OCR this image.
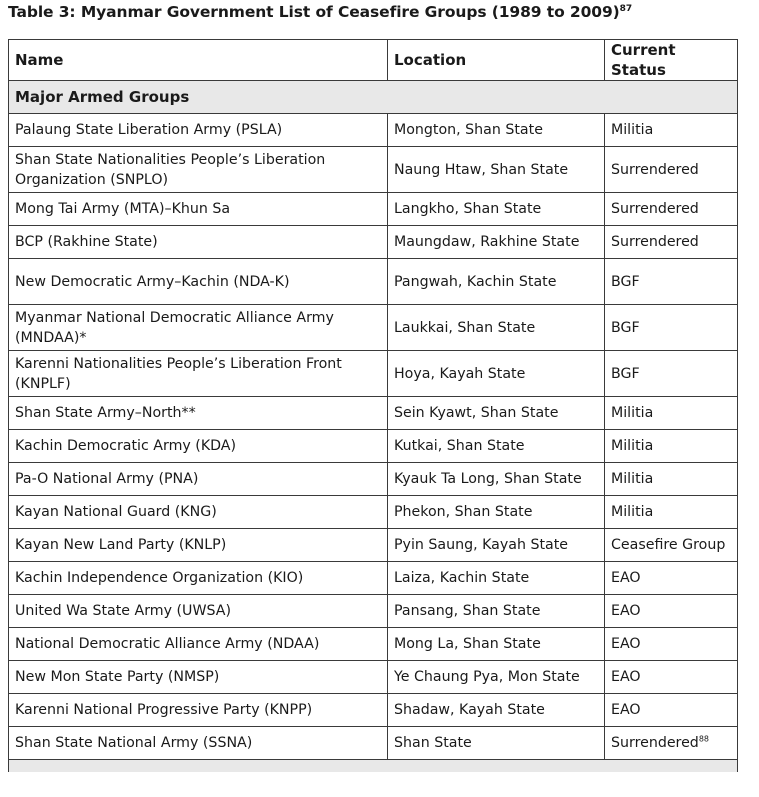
Table 3: Myanmar Government List of Ceasefire Groups (1989 to 2009)$^{87}$
Name	Location	Current Status
Major Armed Groups		
Palaung State Liberation Army (PSLA)	Mongton, Shan State	Militia
Shan State Nationalities People’s Liberation Organization (SNPLO)	Naung Htaw, Shan State	Surrendered
Mong Tai Army (MTA)–Khun Sa	Langkho, Shan State	Surrendered
BCP (Rakhine State)	Maungdaw, Rakhine State	Surrendered
New Democratic Army–Kachin (NDA-K)	Pangwah, Kachin State	BGF
Myanmar National Democratic Alliance Army (MNDAA)*	Laukkai, Shan State	BGF
Karenni Nationalities People’s Liberation Front (KNPLF)	Hoya, Kayah State	BGF
Shan State Army–North**	Sein Kyawt, Shan State	Militia
Kachin Democratic Army (KDA)	Kutkai, Shan State	Militia
Pa-O National Army (PNA)	Kyauk Ta Long, Shan State	Militia
Kayan National Guard (KNG)	Phekon, Shan State	Militia
Kayan New Land Party (KNLP)	Pyin Saung, Kayah State	Ceasefire Group
Kachin Independence Organization (KIO)	Laiza, Kachin State	EAO
United Wa State Army (UWSA)	Pansang, Shan State	EAO
National Democratic Alliance Army (NDAA)	Mong La, Shan State	EAO
New Mon State Party (NMSP)	Ye Chaung Pya, Mon State	EAO
Karenni National Progressive Party (KNPP)	Shadaw, Kayah State	EAO
Shan State National Army (SSNA)	Shan State	Surrendered$^{88}$
